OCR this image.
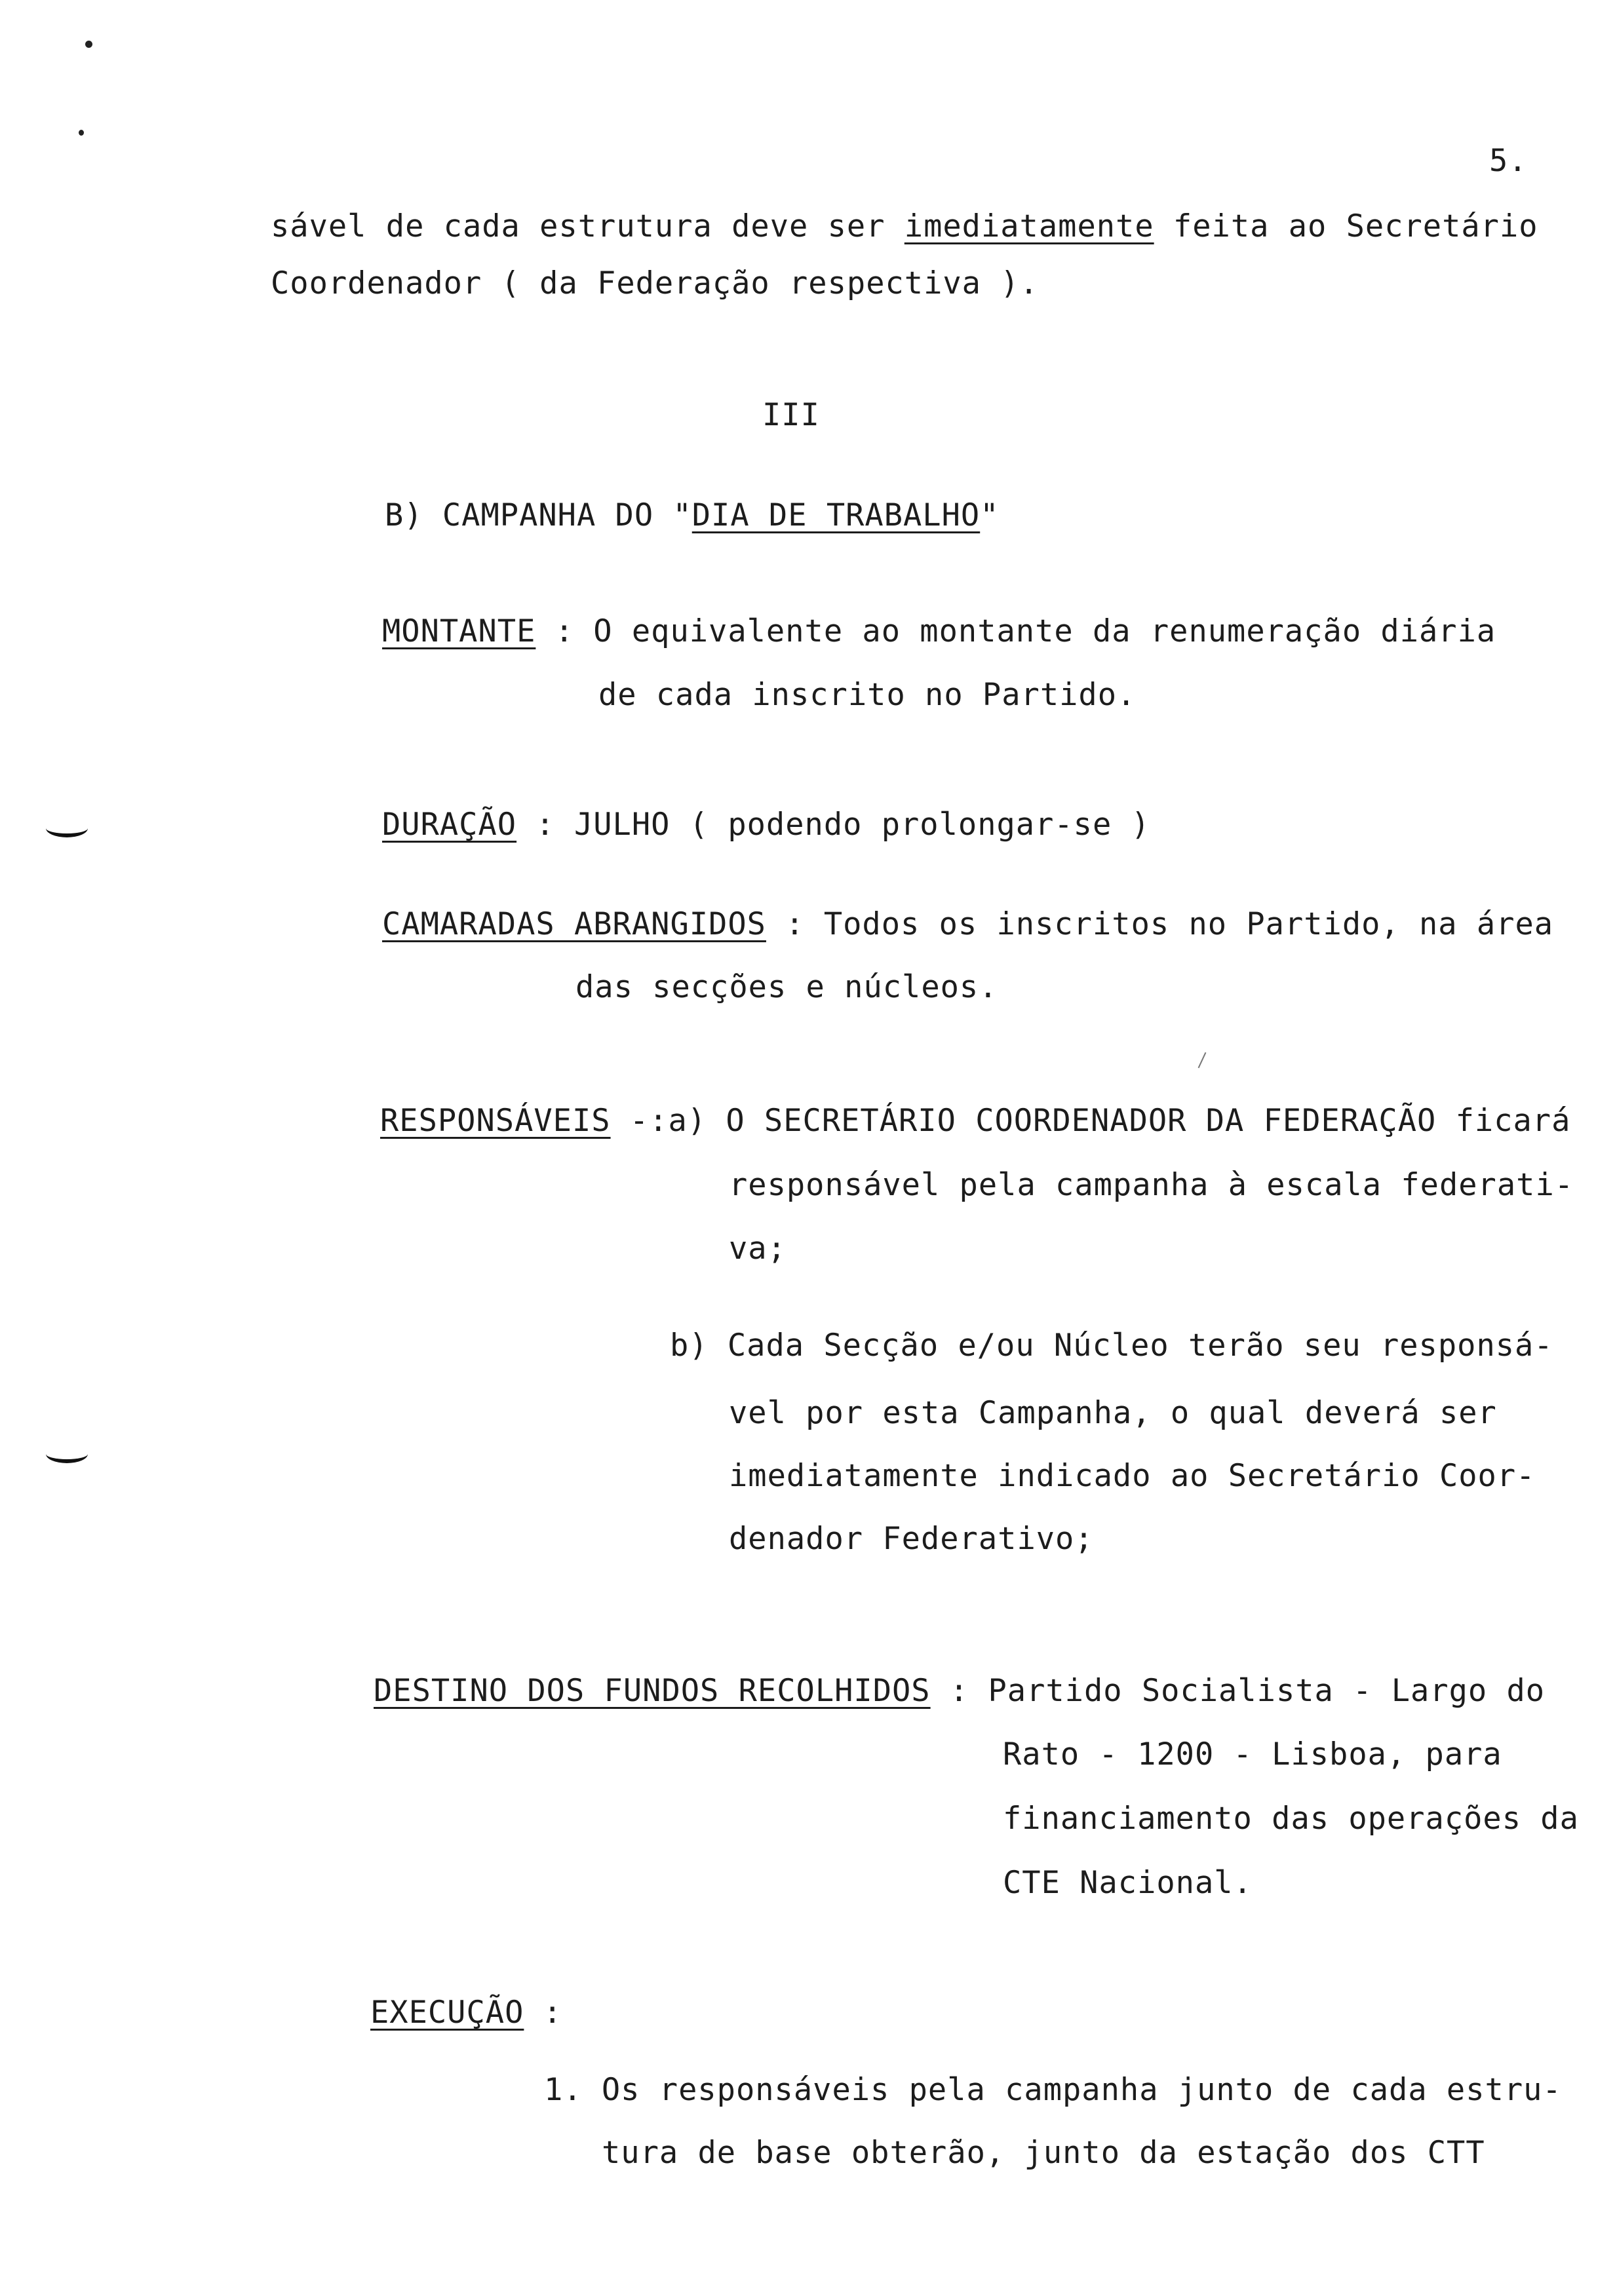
5.
sável de cada estrutura deve ser imediatamente feita ao Secretário
Coordenador ( da Federação respectiva ).
III
B) CAMPANHA DO "DIA DE TRABALHO"
MONTANTE : O equivalente ao montante da renumeração diária
de cada inscrito no Partido.
DURAÇÃO : JULHO ( podendo prolongar-se )
CAMARADAS ABRANGIDOS : Todos os inscritos no Partido, na área
das secções e núcleos.
RESPONSÁVEIS -:a) O SECRETÁRIO COORDENADOR DA FEDERAÇÃO ficará
responsável pela campanha à escala federati-
va;
b) Cada Secção e/ou Núcleo terão seu responsá-
vel por esta Campanha, o qual deverá ser
imediatamente indicado ao Secretário Coor-
denador Federativo;
DESTINO DOS FUNDOS RECOLHIDOS : Partido Socialista - Largo do
Rato - 1200 - Lisboa, para
financiamento das operações da
CTE Nacional.
EXECUÇÃO :
1. Os responsáveis pela campanha junto de cada estru-
tura de base obterão, junto da estação dos CTT
